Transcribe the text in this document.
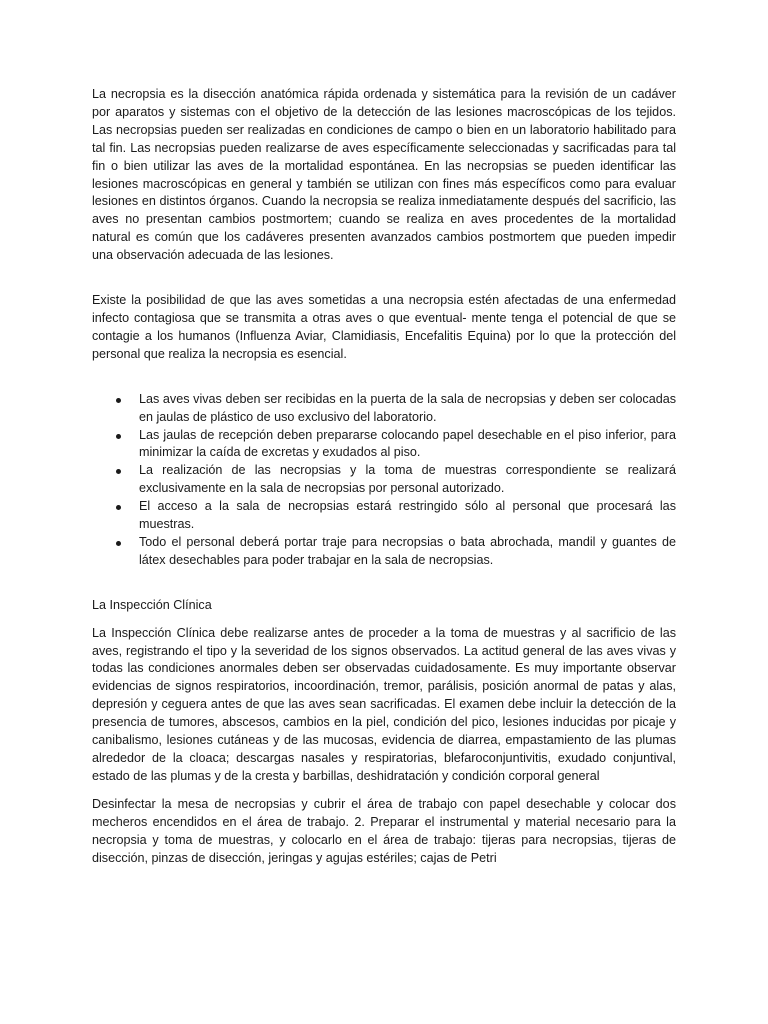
La necropsia es la disección anatómica rápida ordenada y sistemática para la revisión de un cadáver por aparatos y sistemas con el objetivo de la detección de las lesiones macroscópicas de los tejidos. Las necropsias pueden ser realizadas en condiciones de campo o bien en un laboratorio habilitado para tal fin. Las necropsias pueden realizarse de aves específicamente seleccionadas y sacrificadas para tal fin o bien utilizar las aves de la mortalidad espontánea. En las necropsias se pueden identificar las lesiones macroscópicas en general y también se utilizan con fines más específicos como para evaluar lesiones en distintos órganos. Cuando la necropsia se realiza inmediatamente después del sacrificio, las aves no presentan cambios postmortem; cuando se realiza en aves procedentes de la mortalidad natural es común que los cadáveres presenten avanzados cambios postmortem que pueden impedir una observación adecuada de las lesiones.

Existe la posibilidad de que las aves sometidas a una necropsia estén afectadas de una enfermedad infecto contagiosa que se transmita a otras aves o que eventual- mente tenga el potencial de que se contagie a los humanos (Influenza Aviar, Clamidiasis, Encefalitis Equina) por lo que la protección del personal que realiza la necropsia es esencial.

Las aves vivas deben ser recibidas en la puerta de la sala de necropsias y deben ser colocadas en jaulas de plástico de uso exclusivo del laboratorio.
Las jaulas de recepción deben prepararse colocando papel desechable en el piso inferior, para minimizar la caída de excretas y exudados al piso.
La realización de las necropsias y la toma de muestras correspondiente se realizará exclusivamente en la sala de necropsias por personal autorizado.
El acceso a la sala de necropsias estará restringido sólo al personal que procesará las muestras.
Todo el personal deberá portar traje para necropsias o bata abrochada, mandil y guantes de látex desechables para poder trabajar en la sala de necropsias.

La Inspección Clínica

La Inspección Clínica debe realizarse antes de proceder a la toma de muestras y al sacrificio de las aves, registrando el tipo y la severidad de los signos observados. La actitud general de las aves vivas y todas las condiciones anormales deben ser observadas cuidadosamente. Es muy importante observar evidencias de signos respiratorios, incoordinación, tremor, parálisis, posición anormal de patas y alas, depresión y ceguera antes de que las aves sean sacrificadas. El examen debe incluir la detección de la presencia de tumores, abscesos, cambios en la piel, condición del pico, lesiones inducidas por picaje y canibalismo, lesiones cutáneas y de las mucosas, evidencia de diarrea, empastamiento de las plumas alrededor de la cloaca; descargas nasales y respiratorias, blefaroconjuntivitis, exudado conjuntival, estado de las plumas y de la cresta y barbillas, deshidratación y condición corporal general

Desinfectar la mesa de necropsias y cubrir el área de trabajo con papel desechable y colocar dos mecheros encendidos en el área de trabajo. 2. Preparar el instrumental y material necesario para la necropsia y toma de muestras, y colocarlo en el área de trabajo: tijeras para necropsias, tijeras de disección, pinzas de disección, jeringas y agujas estériles; cajas de Petri
